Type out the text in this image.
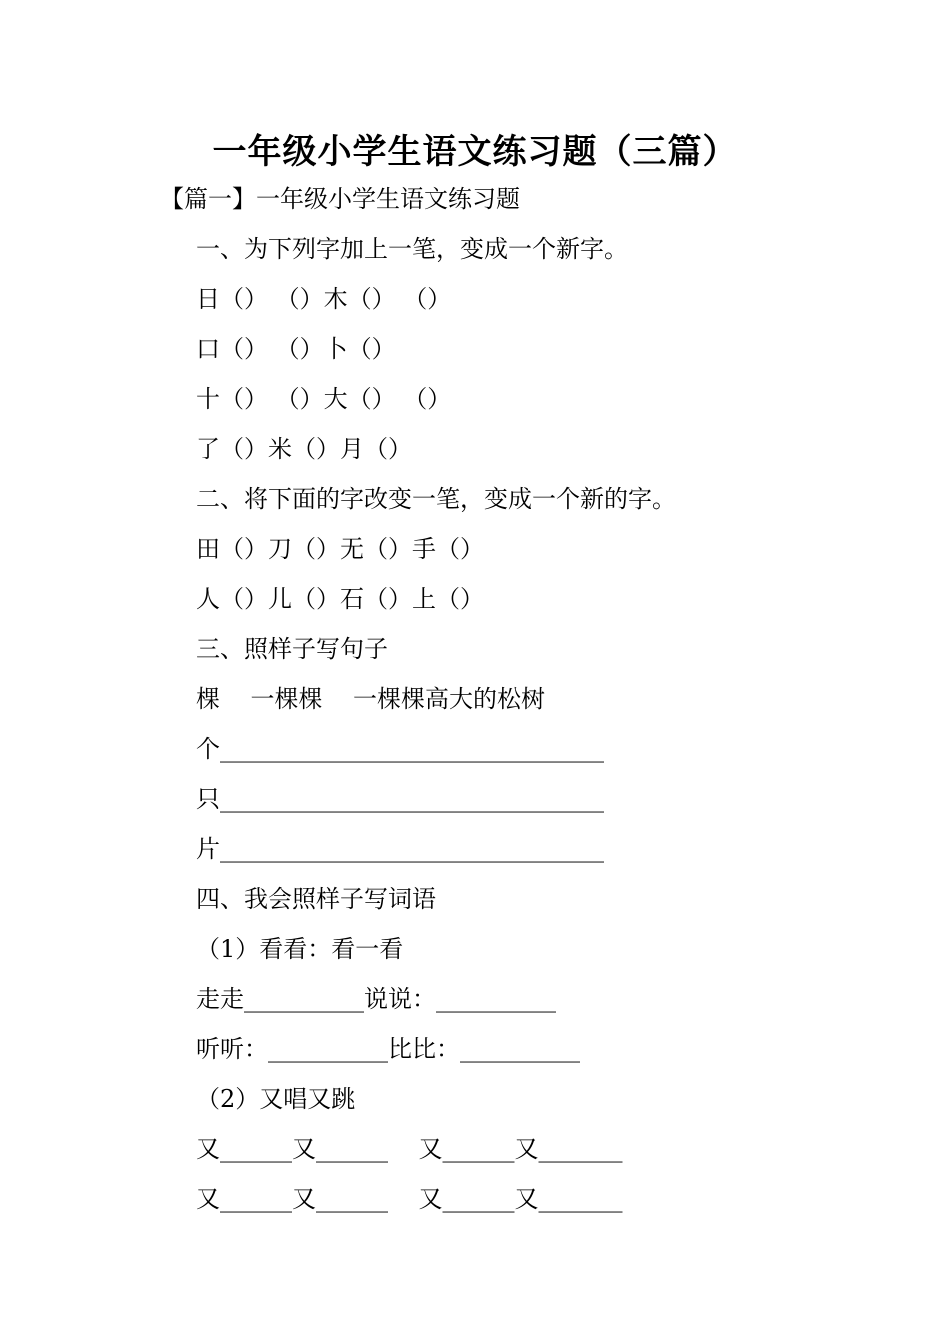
一年级小学生语文练习题（三篇）
【篇一】一年级小学生语文练习题
一、为下列字加上一笔，变成一个新字。
日（） （）木（） （）
口（） （）卜（）
十（） （）大（） （）
了（）米（）月（）
二、将下面的字改变一笔，变成一个新的字。
田（）刀（）无（）手（）
人（）儿（）石（）上（）
三、照样子写句子
棵    一棵棵    一棵棵高大的松树
个________________________________
只________________________________
片________________________________
四、我会照样子写词语
（1）看看：看一看
走走__________说说：__________
听听：__________比比：__________
（2）又唱又跳
又______又______    又______又_______
又______又______    又______又_______
